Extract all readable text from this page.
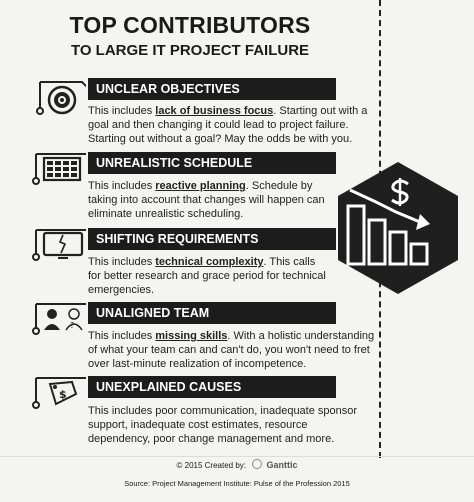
TOP CONTRIBUTORS
TO LARGE IT PROJECT FAILURE
UNCLEAR OBJECTIVES
This includes lack of business focus. Starting out with a goal and then changing it could lead to project failure. Starting out without a goal? May the odds be with you.
UNREALISTIC SCHEDULE
This includes reactive planning. Schedule by taking into account that changes will happen can eliminate unrealistic scheduling.
SHIFTING REQUIREMENTS
This includes technical complexity. This calls for better research and grace period for technical emergencies.
?
UNALIGNED TEAM
This includes missing skills. With a holistic understanding of what your team can and can't do, you won't need to fret over last-minute realization of incompetence.
$
UNEXPLAINED CAUSES
This includes poor communication, inadequate sponsor support, inadequate cost estimates, resource dependency, poor change management and more.
© 2015 Created by: Ganttic
Source: Project Management Institute: Pulse of the Profession 2015
